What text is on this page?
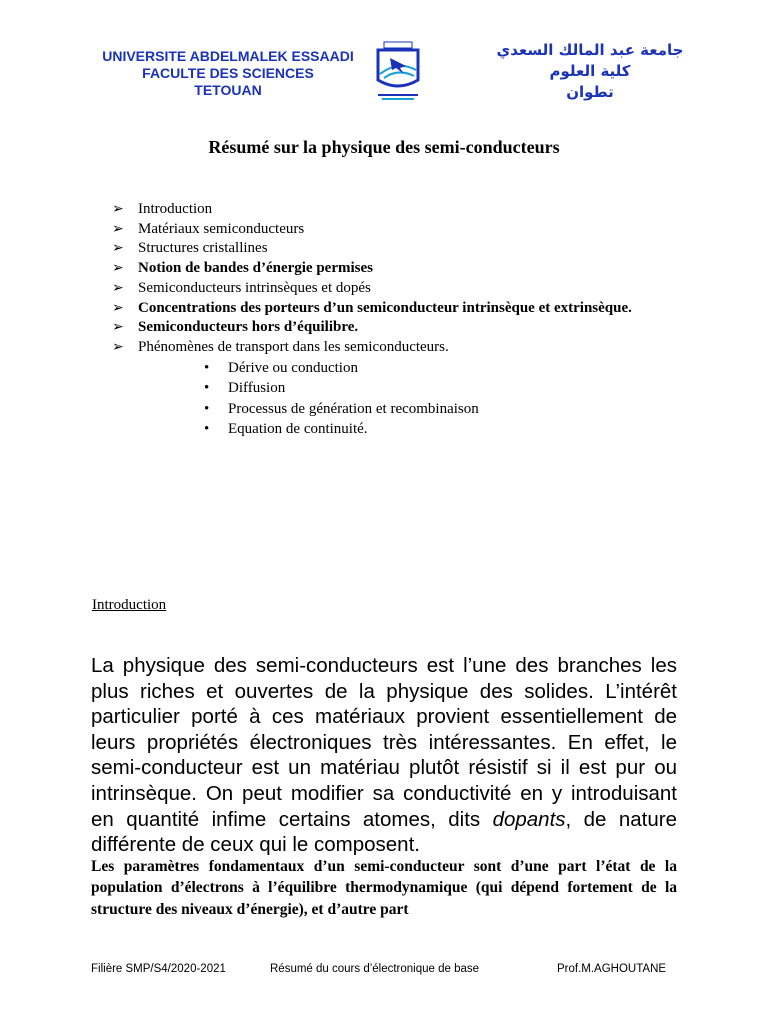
UNIVERSITE ABDELMALEK ESSAADI
FACULTE DES SCIENCES
TETOUAN
جامعة عبد المالك السعدي
كلية العلوم
تطوان
Résumé sur la physique des semi-conducteurs
➢ Introduction
➢ Matériaux semiconducteurs
➢ Structures cristallines
➢ Notion de bandes d’énergie permises
➢ Semiconducteurs intrinsèques et dopés
➢ Concentrations des porteurs d’un semiconducteur intrinsèque et extrinsèque.
➢ Semiconducteurs hors d’équilibre.
➢ Phénomènes de transport dans les semiconducteurs.
• Dérive ou conduction
• Diffusion
• Processus de génération et recombinaison
• Equation de continuité.
Introduction

La physique des semi-conducteurs est l’une des branches les plus riches et ouvertes de la physique des solides. L’intérêt particulier porté à ces matériaux provient essentiellement de leurs propriétés électroniques très intéressantes. En effet, le semi-conducteur est un matériau plutôt résistif si il est pur ou intrinsèque. On peut modifier sa conductivité en y introduisant en quantité infime certains atomes, dits dopants, de nature différente de ceux qui le composent.

Les paramètres fondamentaux d’un semi-conducteur sont d’une part l’état de la population d’électrons à l’équilibre thermodynamique (qui dépend fortement de la structure des niveaux d’énergie), et d’autre part

Filière SMP/S4/2020-2021	Résumé du cours d’électronique de base	Prof.M.AGHOUTANE
